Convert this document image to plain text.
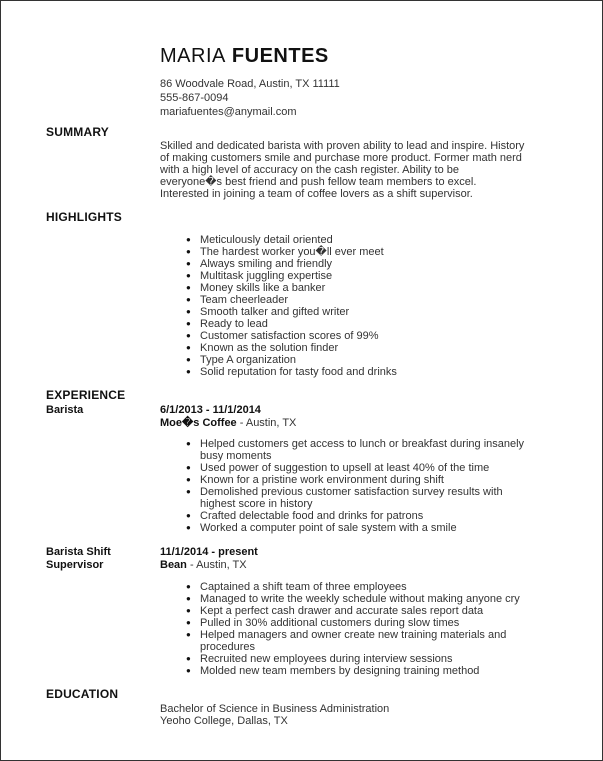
MARIA FUENTES
86 Woodvale Road, Austin, TX 11111
555-867-0094
mariafuentes@anymail.com
SUMMARY
Skilled and dedicated barista with proven ability to lead and inspire. History
of making customers smile and purchase more product. Former math nerd
with a high level of accuracy on the cash register. Ability to be
everyone�s best friend and push fellow team members to excel.
Interested in joining a team of coffee lovers as a shift supervisor.
HIGHLIGHTS
● Meticulously detail oriented
● The hardest worker you�ll ever meet
● Always smiling and friendly
● Multitask juggling expertise
● Money skills like a banker
● Team cheerleader
● Smooth talker and gifted writer
● Ready to lead
● Customer satisfaction scores of 99%
● Known as the solution finder
● Type A organization
● Solid reputation for tasty food and drinks
EXPERIENCE
Barista	6/1/2013 - 11/1/2014
Moe�s Coffee - Austin, TX
● Helped customers get access to lunch or breakfast during insanely
busy moments
● Used power of suggestion to upsell at least 40% of the time
● Known for a pristine work environment during shift
● Demolished previous customer satisfaction survey results with
highest score in history
● Crafted delectable food and drinks for patrons
● Worked a computer point of sale system with a smile
Barista Shift
Supervisor
11/1/2014 - present
Bean - Austin, TX
● Captained a shift team of three employees
● Managed to write the weekly schedule without making anyone cry
● Kept a perfect cash drawer and accurate sales report data
● Pulled in 30% additional customers during slow times
● Helped managers and owner create new training materials and
procedures
● Recruited new employees during interview sessions
● Molded new team members by designing training method
EDUCATION
Bachelor of Science in Business Administration
Yeoho College, Dallas, TX
